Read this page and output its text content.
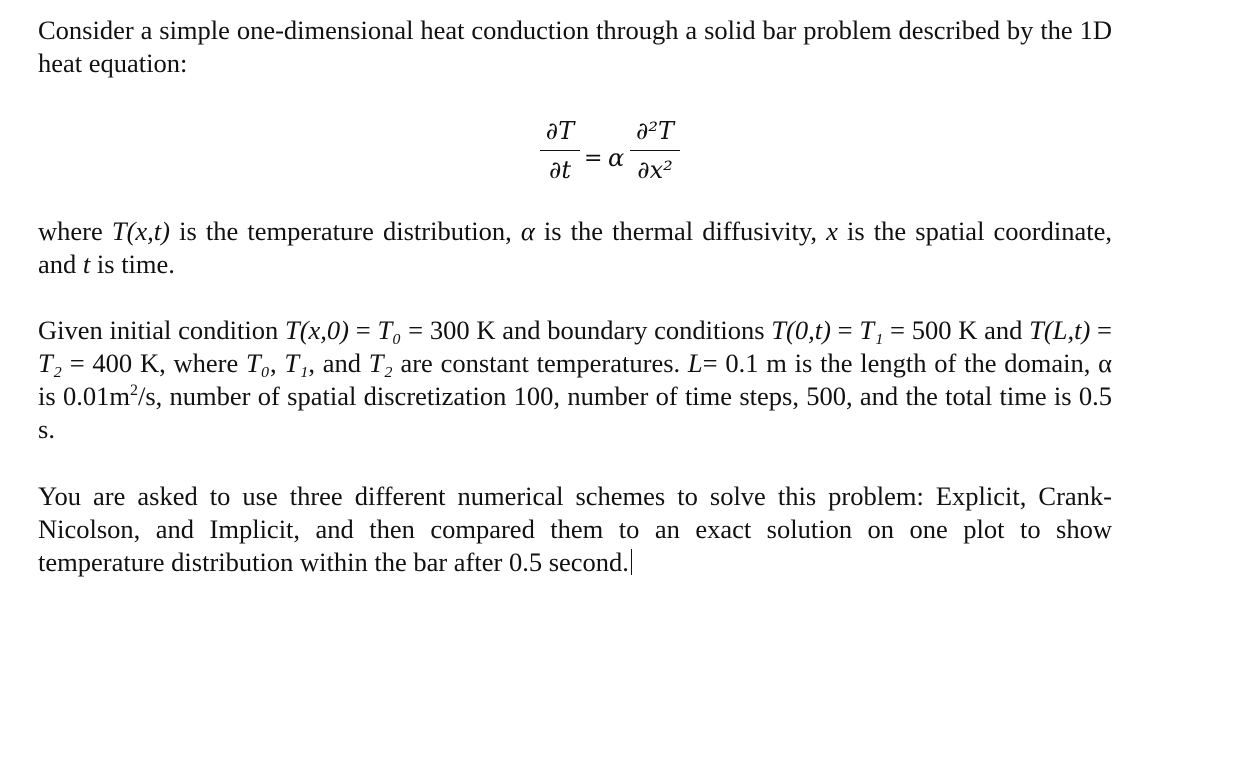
Consider a simple one-dimensional heat conduction through a solid bar problem described by the 1D heat equation:

∂T
∂t = α
∂²T
∂x²

where T(x,t) is the temperature distribution, α is the thermal diffusivity, x is the spatial coordinate, and t is time.

Given initial condition T(x,0) = T₀ = 300 K and boundary conditions T(0,t) = T₁ = 500 K and T(L,t) = T₂ = 400 K, where T₀, T₁, and T₂ are constant temperatures. L= 0.1 m is the length of the domain, α is $0.01m^2/s$, number of spatial discretization 100, number of time steps, 500, and the total time is 0.5 s.

You are asked to use three different numerical schemes to solve this problem: Explicit, Crank-Nicolson, and Implicit, and then compared them to an exact solution on one plot to show temperature distribution within the bar after 0.5 second.
